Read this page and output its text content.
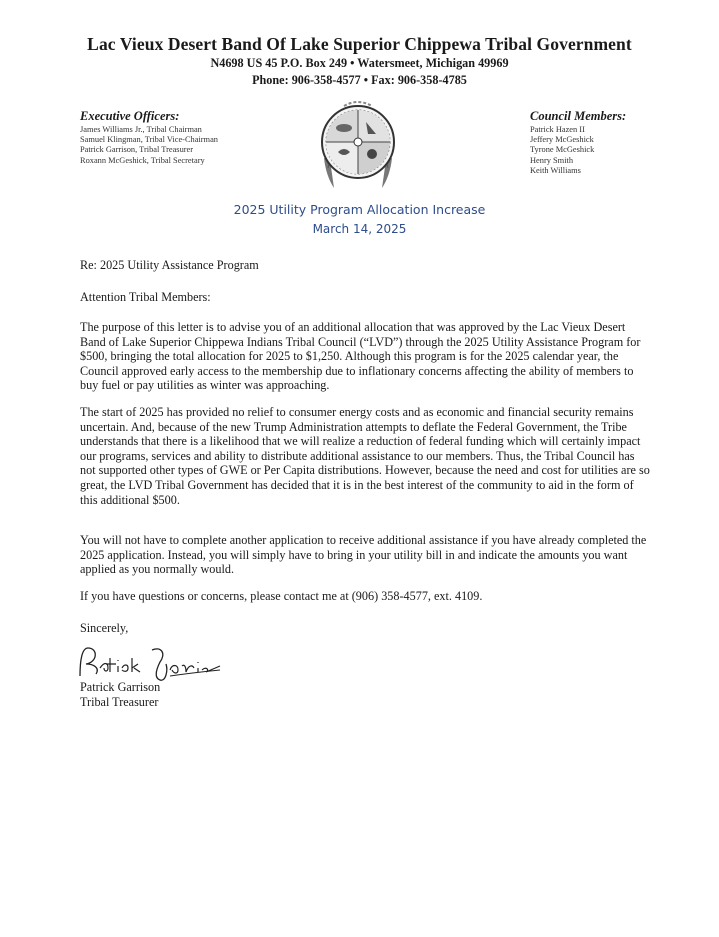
Lac Vieux Desert Band Of Lake Superior Chippewa Tribal Government
N4698 US 45 P.O. Box 249 • Watersmeet, Michigan 49969
Phone: 906-358-4577 • Fax: 906-358-4785
Executive Officers:
James Williams Jr., Tribal Chairman
Samuel Klingman, Tribal Vice-Chairman
Patrick Garrison, Tribal Treasurer
Roxann McGeshick, Tribal Secretary
Council Members:
Patrick Hazen II
Jeffery McGeshick
Tyrone McGeshick
Henry Smith
Keith Williams
2025 Utility Program Allocation Increase
March 14, 2025
Re: 2025 Utility Assistance Program
Attention Tribal Members:
The purpose of this letter is to advise you of an additional allocation that was approved by the Lac Vieux Desert Band of Lake Superior Chippewa Indians Tribal Council (“LVD”) through the 2025 Utility Assistance Program for $500, bringing the total allocation for 2025 to $1,250. Although this program is for the 2025 calendar year, the Council approved early access to the membership due to inflationary concerns affecting the ability of members to buy fuel or pay utilities as winter was approaching.
The start of 2025 has provided no relief to consumer energy costs and as economic and financial security remains uncertain. And, because of the new Trump Administration attempts to deflate the Federal Government, the Tribe understands that there is a likelihood that we will realize a reduction of federal funding which will certainly impact our programs, services and ability to distribute additional assistance to our members. Thus, the Tribal Council has not supported other types of GWE or Per Capita distributions. However, because the need and cost for utilities are so great, the LVD Tribal Government has decided that it is in the best interest of the community to aid in the form of this additional $500.
You will not have to complete another application to receive additional assistance if you have already completed the 2025 application. Instead, you will simply have to bring in your utility bill in and indicate the amounts you want applied as you normally would.
If you have questions or concerns, please contact me at (906) 358-4577, ext. 4109.
Sincerely,
Patrick Garrison
Tribal Treasurer
